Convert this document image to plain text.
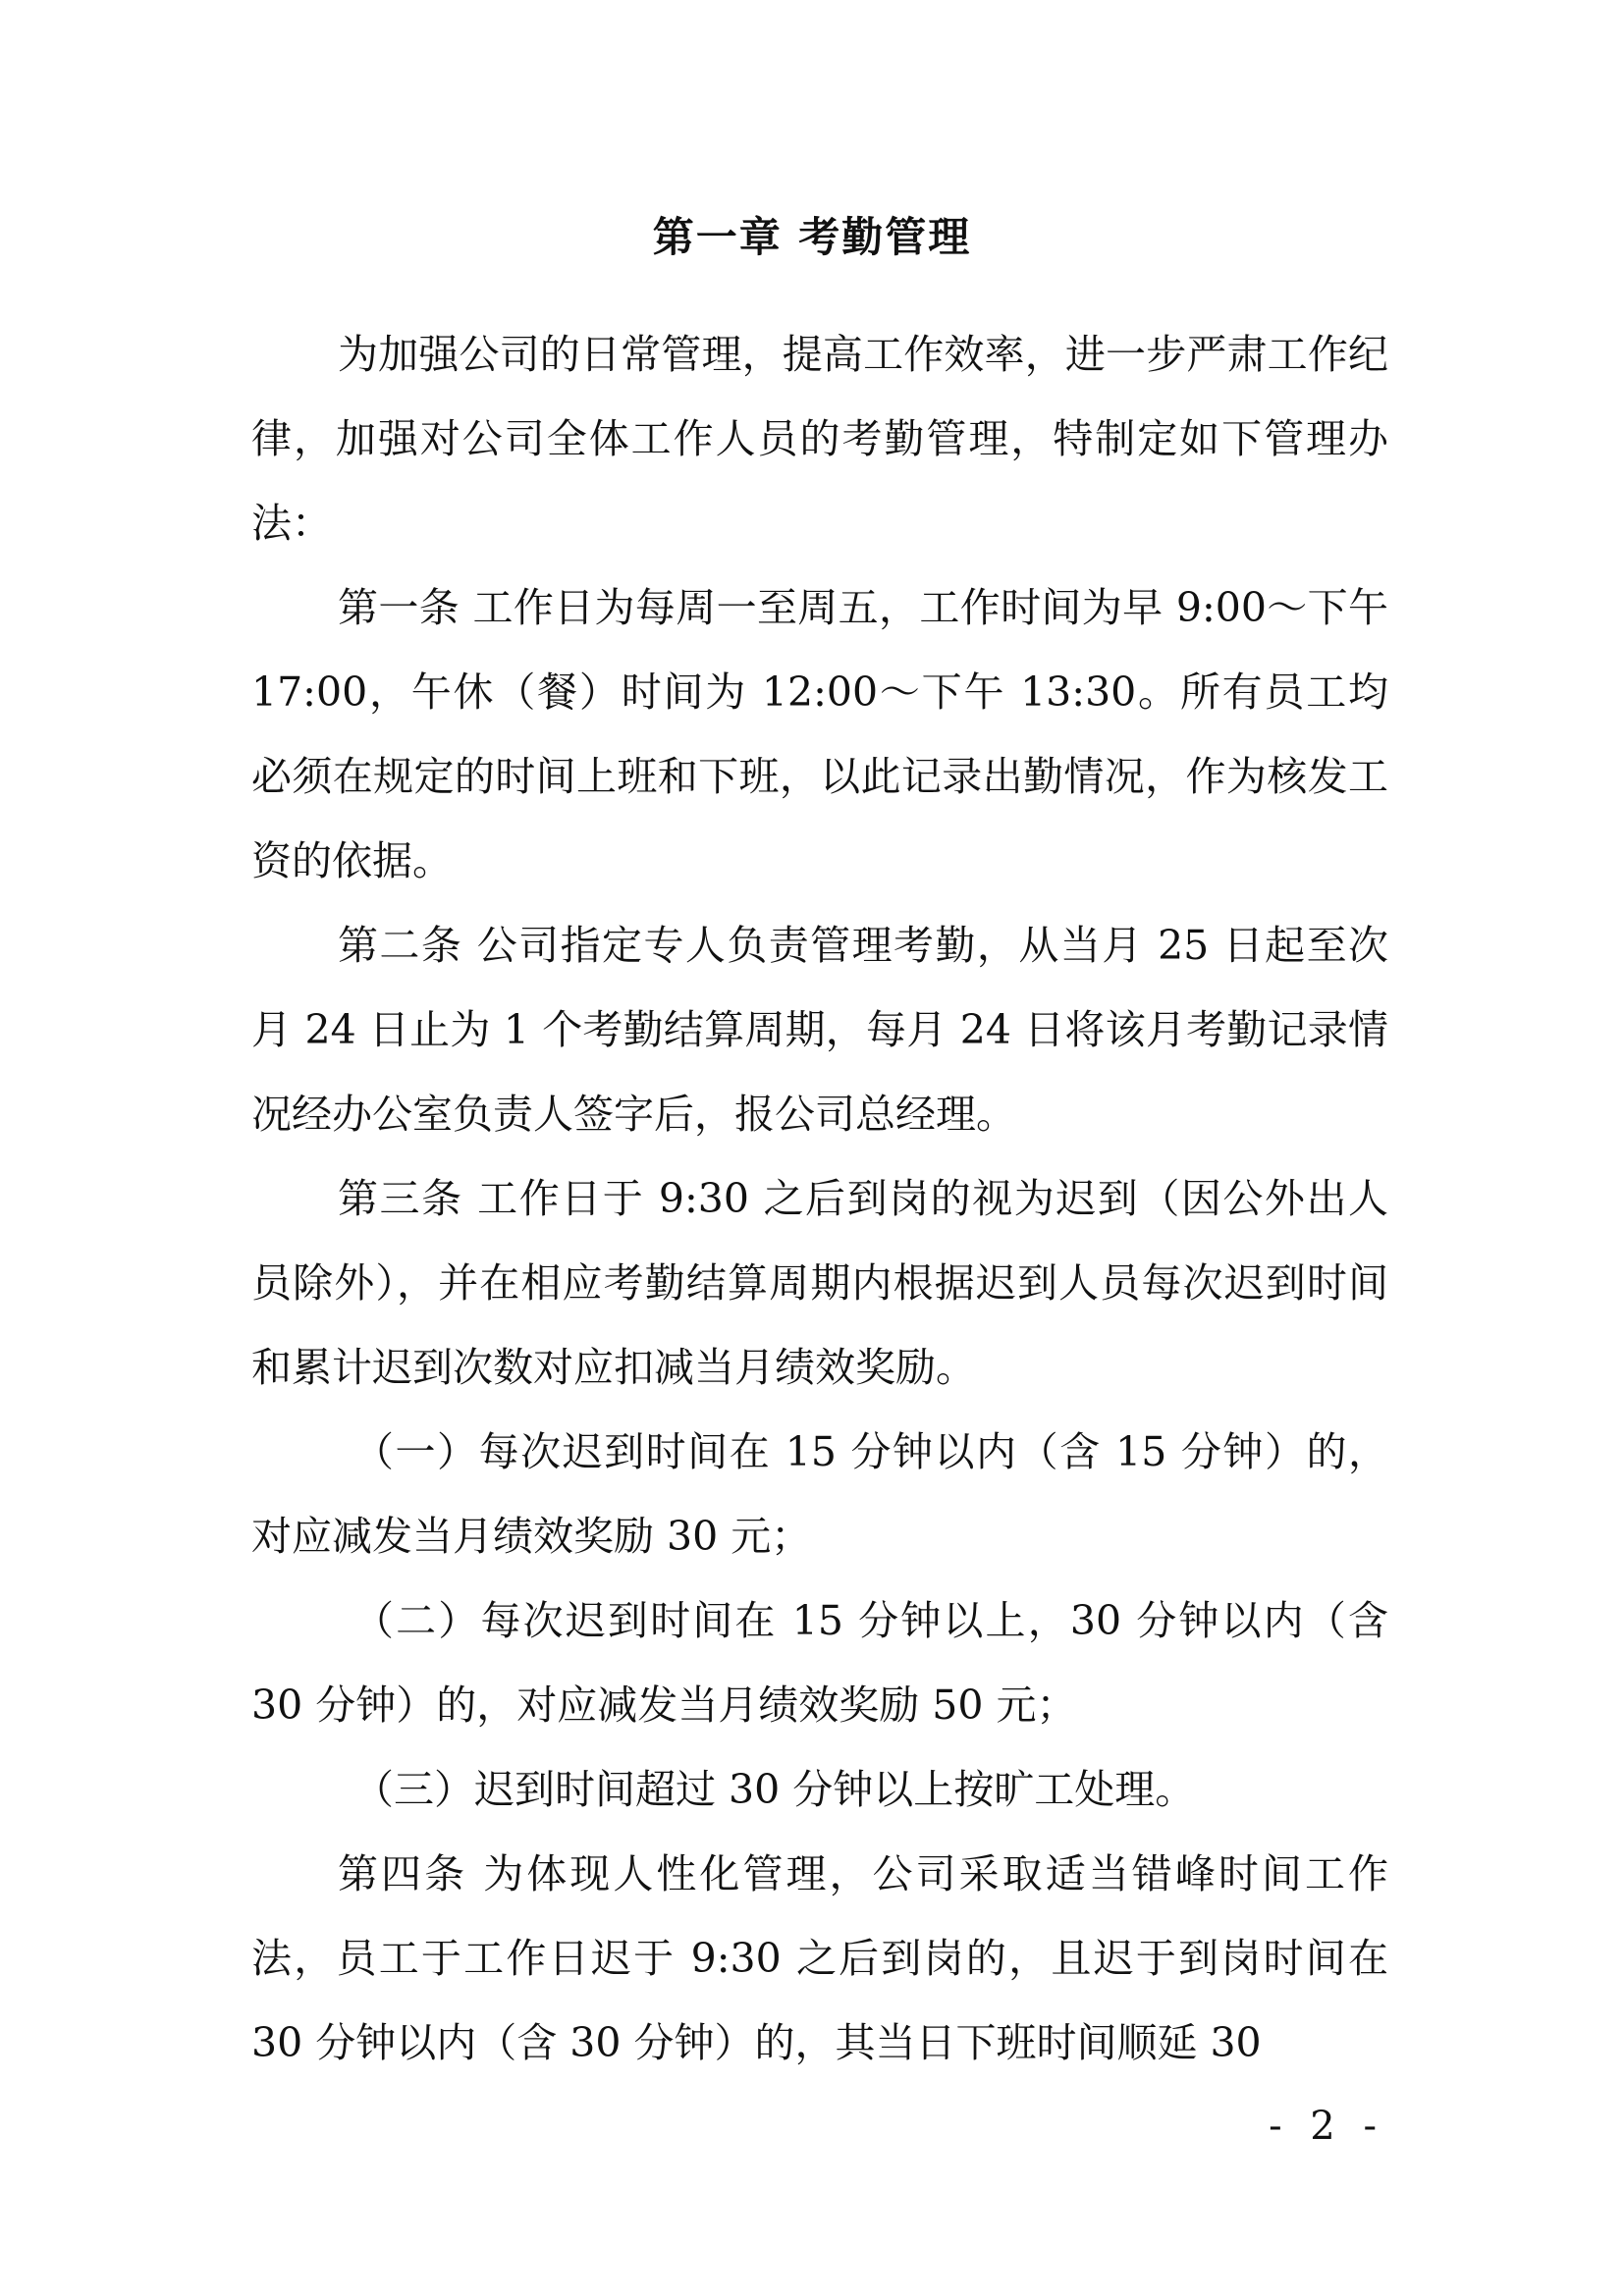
第一章 考勤管理

为加强公司的日常管理，提高工作效率，进一步严肃工作纪律，加强对公司全体工作人员的考勤管理，特制定如下管理办法：

第一条 工作日为每周一至周五，工作时间为早 9:00～下午 17:00，午休（餐）时间为 12:00～下午 13:30。所有员工均必须在规定的时间上班和下班，以此记录出勤情况，作为核发工资的依据。

第二条 公司指定专人负责管理考勤，从当月 25 日起至次月 24 日止为 1 个考勤结算周期，每月 24 日将该月考勤记录情况经办公室负责人签字后，报公司总经理。

第三条 工作日于 9:30 之后到岗的视为迟到（因公外出人员除外），并在相应考勤结算周期内根据迟到人员每次迟到时间和累计迟到次数对应扣减当月绩效奖励。

（一）每次迟到时间在 15 分钟以内（含 15 分钟）的，对应减发当月绩效奖励 30 元；

（二）每次迟到时间在 15 分钟以上，30 分钟以内（含 30 分钟）的，对应减发当月绩效奖励 50 元；

（三）迟到时间超过 30 分钟以上按旷工处理。

第四条 为体现人性化管理，公司采取适当错峰时间工作法，员工于工作日迟于 9:30 之后到岗的，且迟于到岗时间在 30 分钟以内（含 30 分钟）的，其当日下班时间顺延 30

- 2 -
